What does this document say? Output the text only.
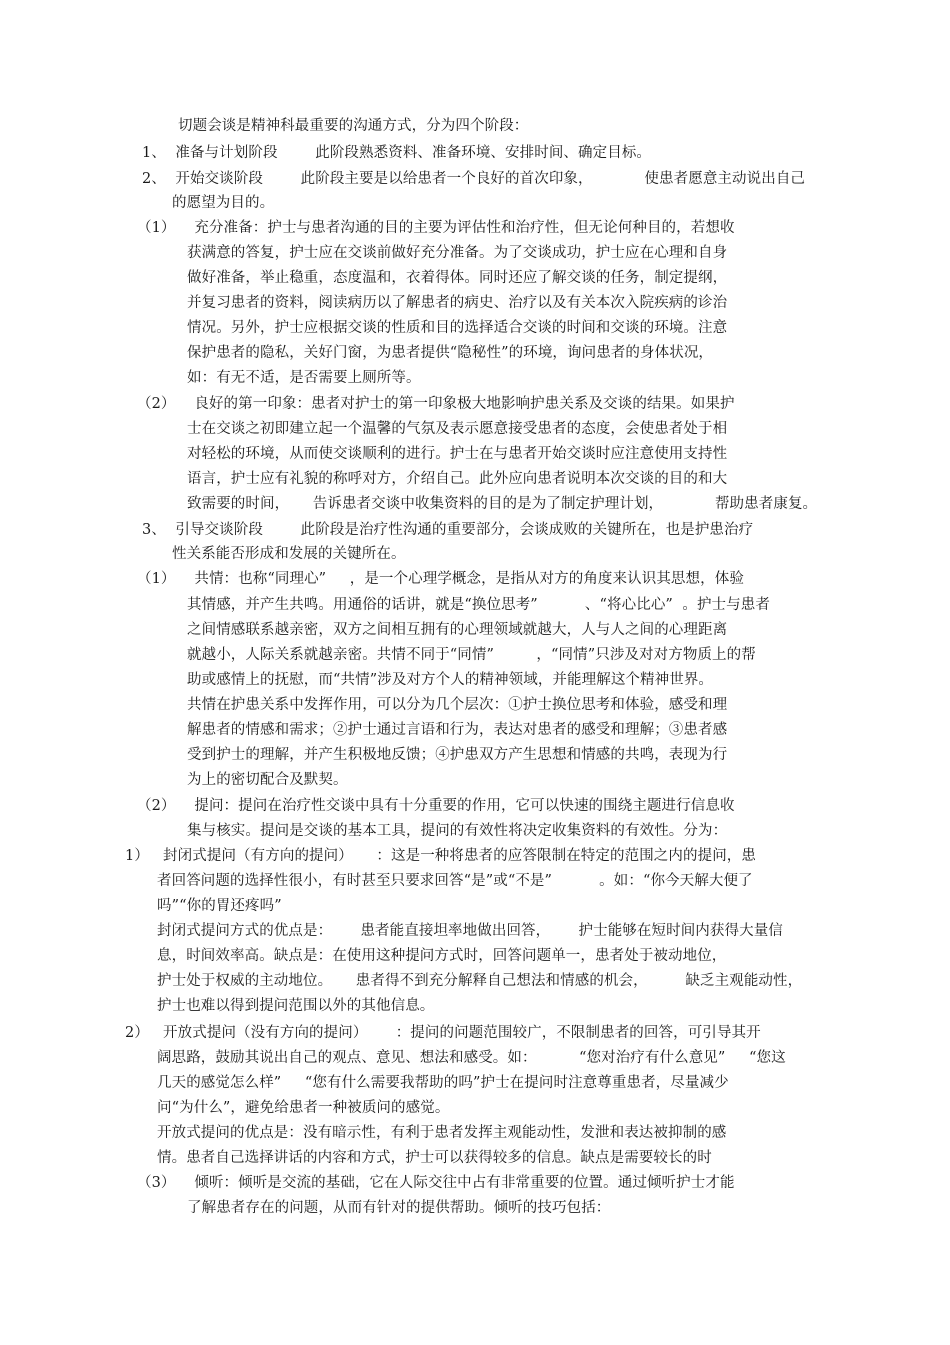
切题会谈是精神科最重要的沟通方式，分为四个阶段：
1、  准备与计划阶段        此阶段熟悉资料、准备环境、安排时间、确定目标。
2、  开始交谈阶段        此阶段主要是以给患者一个良好的首次印象，           使患者愿意主动说出自己
的愿望为目的。
（1）    充分准备：护士与患者沟通的目的主要为评估性和治疗性，但无论何种目的，若想收
获满意的答复，护士应在交谈前做好充分准备。为了交谈成功，护士应在心理和自身
做好准备，举止稳重，态度温和，衣着得体。同时还应了解交谈的任务，制定提纲，
并复习患者的资料，阅读病历以了解患者的病史、治疗以及有关本次入院疾病的诊治
情况。另外，护士应根据交谈的性质和目的选择适合交谈的时间和交谈的环境。注意
保护患者的隐私，关好门窗，为患者提供“隐秘性”的环境，询问患者的身体状况，
如：有无不适，是否需要上厕所等。
（2）    良好的第一印象：患者对护士的第一印象极大地影响护患关系及交谈的结果。如果护
士在交谈之初即建立起一个温馨的气氛及表示愿意接受患者的态度，会使患者处于相
对轻松的环境，从而使交谈顺利的进行。护士在与患者开始交谈时应注意使用支持性
语言，护士应有礼貌的称呼对方，介绍自己。此外应向患者说明本次交谈的目的和大
致需要的时间，     告诉患者交谈中收集资料的目的是为了制定护理计划，           帮助患者康复。
3、  引导交谈阶段        此阶段是治疗性沟通的重要部分，会谈成败的关键所在，也是护患治疗
性关系能否形成和发展的关键所在。
（1）    共情：也称“同理心”     ，是一个心理学概念，是指从对方的角度来认识其思想，体验
其情感，并产生共鸣。用通俗的话讲，就是“换位思考”          、“将心比心”  。护士与患者
之间情感联系越亲密，双方之间相互拥有的心理领域就越大，人与人之间的心理距离
就越小，人际关系就越亲密。共情不同于“同情”         ，“同情”只涉及对对方物质上的帮
助或感情上的抚慰，而“共情”涉及对方个人的精神领域，并能理解这个精神世界。
共情在护患关系中发挥作用，可以分为几个层次：①护士换位思考和体验，感受和理
解患者的情感和需求；②护士通过言语和行为，表达对患者的感受和理解；③患者感
受到护士的理解，并产生积极地反馈；④护患双方产生思想和情感的共鸣，表现为行
为上的密切配合及默契。
（2）    提问：提问在治疗性交谈中具有十分重要的作用，它可以快速的围绕主题进行信息收
集与核实。提问是交谈的基本工具，提问的有效性将决定收集资料的有效性。分为：
1）   封闭式提问（有方向的提问）     ：这是一种将患者的应答限制在特定的范围之内的提问，患
者回答问题的选择性很小，有时甚至只要求回答“是”或“不是”          。如：“你今天解大便了
吗”“你的胃还疼吗”
封闭式提问方式的优点是：      患者能直接坦率地做出回答，      护士能够在短时间内获得大量信
息，时间效率高。缺点是：在使用这种提问方式时，回答问题单一，患者处于被动地位，
护士处于权威的主动地位。     患者得不到充分解释自己想法和情感的机会，        缺乏主观能动性，
护士也难以得到提问范围以外的其他信息。
2）   开放式提问（没有方向的提问）      ：提问的问题范围较广，不限制患者的回答，可引导其开
阔思路，鼓励其说出自己的观点、意见、想法和感受。如：         “您对治疗有什么意见”     “您这
几天的感觉怎么样”     “您有什么需要我帮助的吗”护士在提问时注意尊重患者，尽量减少
问“为什么”，避免给患者一种被质问的感觉。
开放式提问的优点是：没有暗示性，有利于患者发挥主观能动性，发泄和表达被抑制的感
情。患者自己选择讲话的内容和方式，护士可以获得较多的信息。缺点是需要较长的时
（3）    倾听：倾听是交流的基础，它在人际交往中占有非常重要的位置。通过倾听护士才能
了解患者存在的问题，从而有针对的提供帮助。倾听的技巧包括：
